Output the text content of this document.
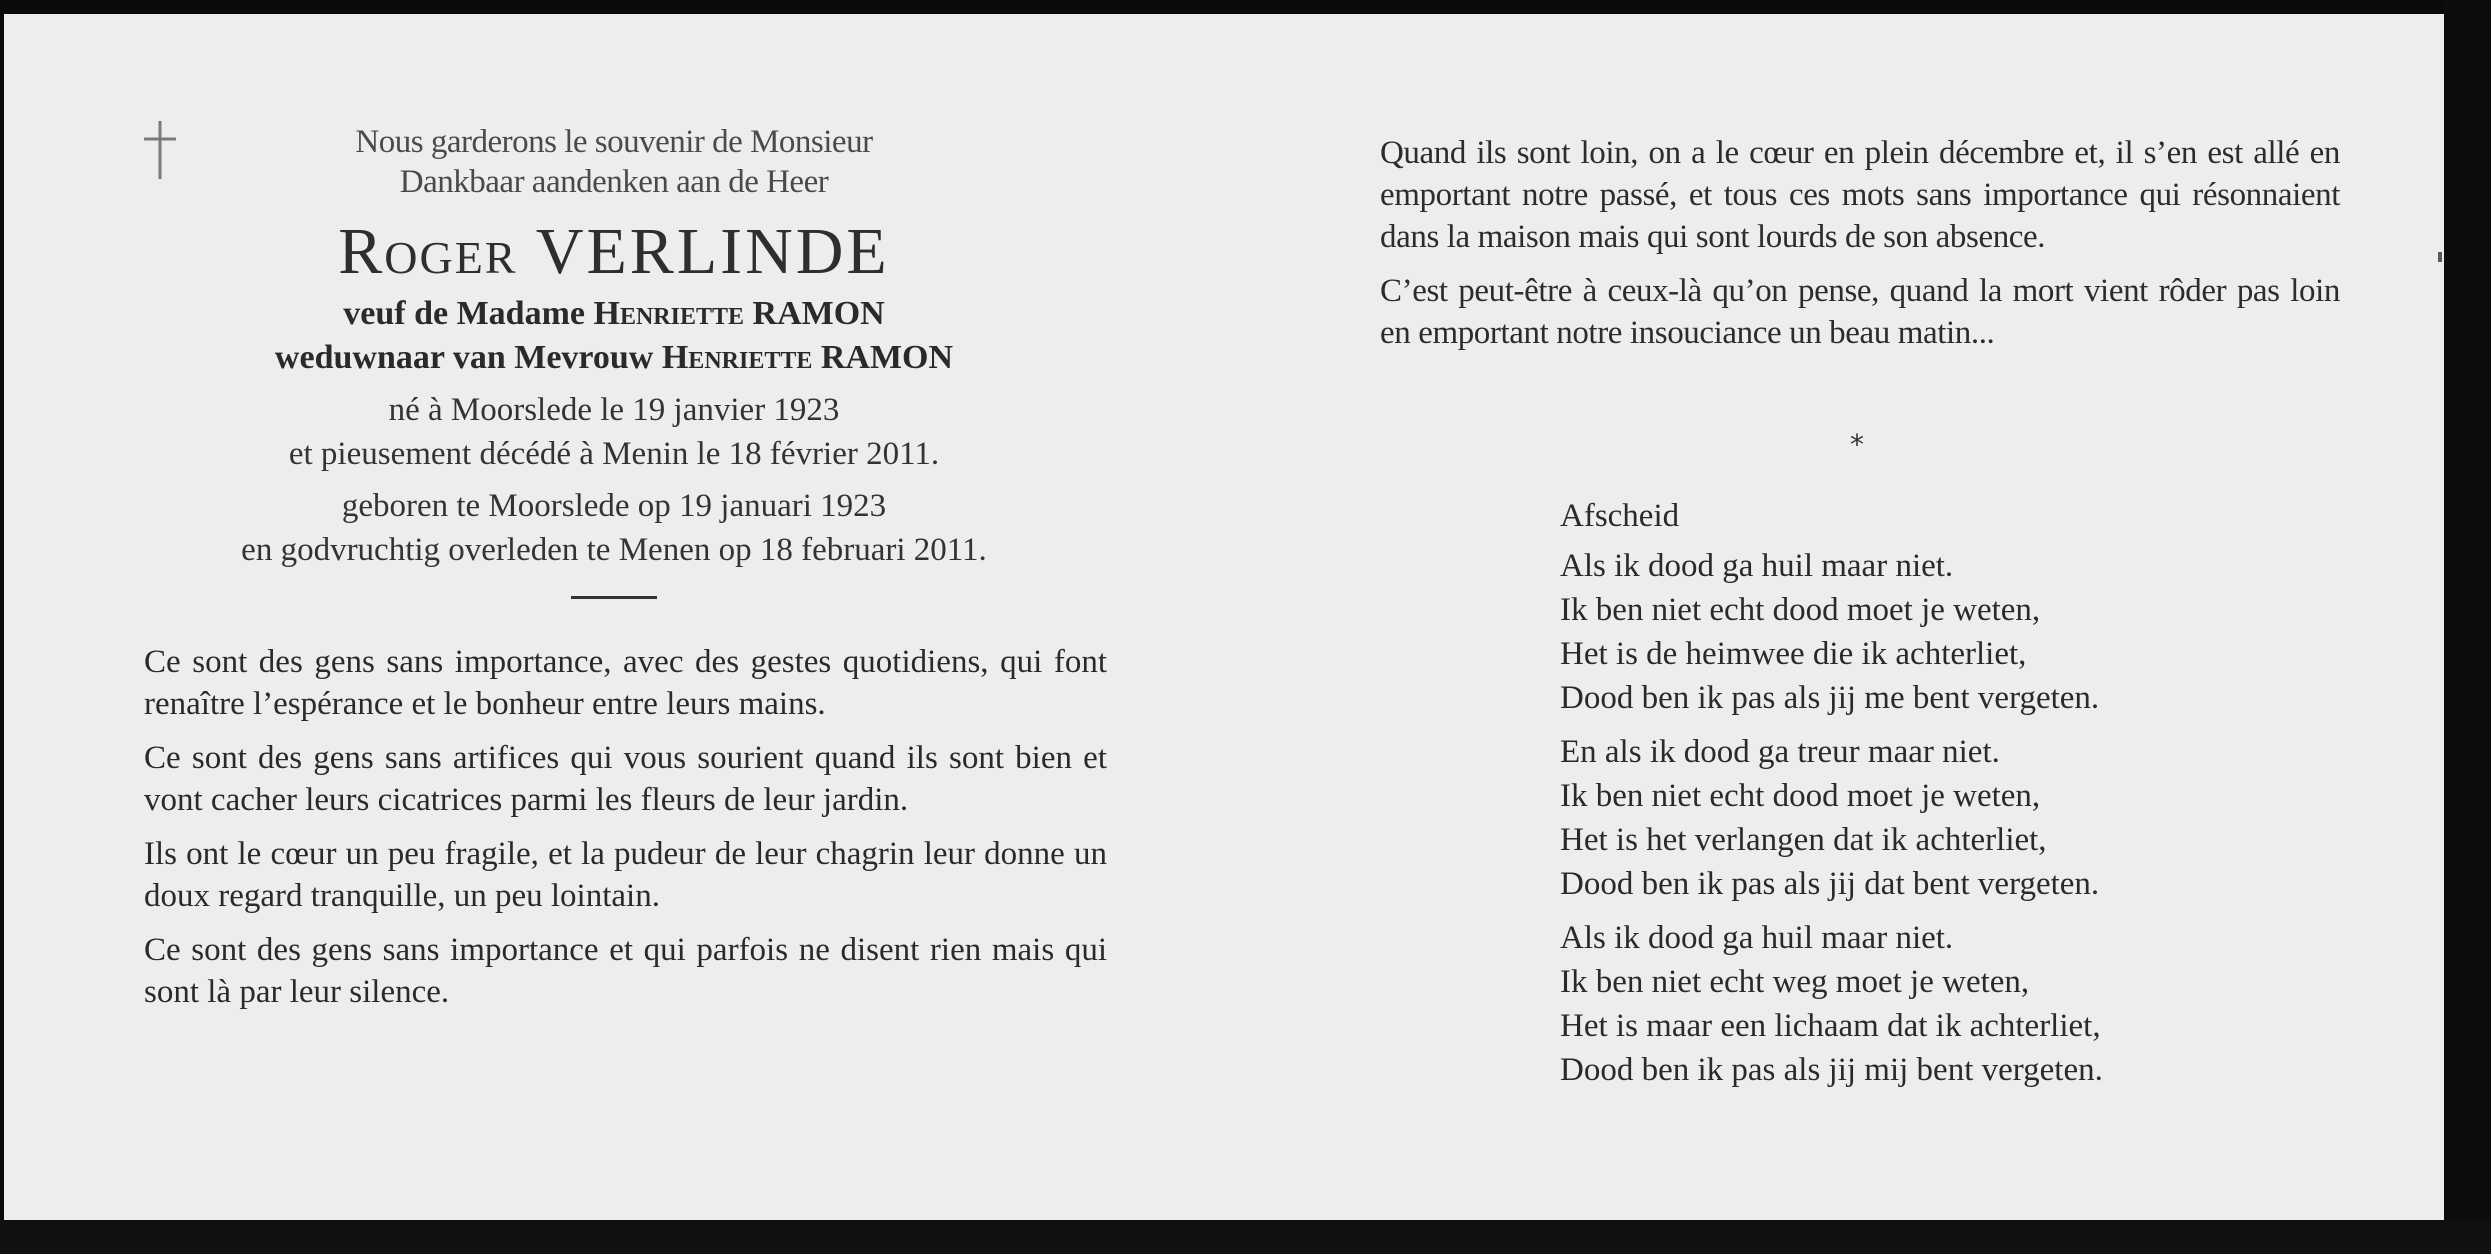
Nous garderons le souvenir de Monsieur
Dankbaar aandenken aan de Heer
Roger VERLINDE
veuf de Madame Henriette RAMON
weduwnaar van Mevrouw Henriette RAMON
né à Moorslede le 19 janvier 1923
et pieusement décédé à Menin le 18 février 2011.
geboren te Moorslede op 19 januari 1923
en godvruchtig overleden te Menen op 18 februari 2011.

Ce sont des gens sans importance, avec des gestes quotidiens, qui font renaître l’espérance et le bonheur entre leurs mains.

Ce sont des gens sans artifices qui vous sourient quand ils sont bien et vont cacher leurs cicatrices parmi les fleurs de leur jardin.

Ils ont le cœur un peu fragile, et la pudeur de leur chagrin leur donne un doux regard tranquille, un peu lointain.

Ce sont des gens sans importance et qui parfois ne disent rien mais qui sont là par leur silence.

Quand ils sont loin, on a le cœur en plein décembre et, il s’en est allé en emportant notre passé, et tous ces mots sans importance qui résonnaient dans la maison mais qui sont lourds de son absence.

C’est peut-être à ceux-là qu’on pense, quand la mort vient rôder pas loin en emportant notre insouciance un beau matin...

*
Afscheid
Als ik dood ga huil maar niet.
Ik ben niet echt dood moet je weten,
Het is de heimwee die ik achterliet,
Dood ben ik pas als jij me bent vergeten.
En als ik dood ga treur maar niet.
Ik ben niet echt dood moet je weten,
Het is het verlangen dat ik achterliet,
Dood ben ik pas als jij dat bent vergeten.
Als ik dood ga huil maar niet.
Ik ben niet echt weg moet je weten,
Het is maar een lichaam dat ik achterliet,
Dood ben ik pas als jij mij bent vergeten.
